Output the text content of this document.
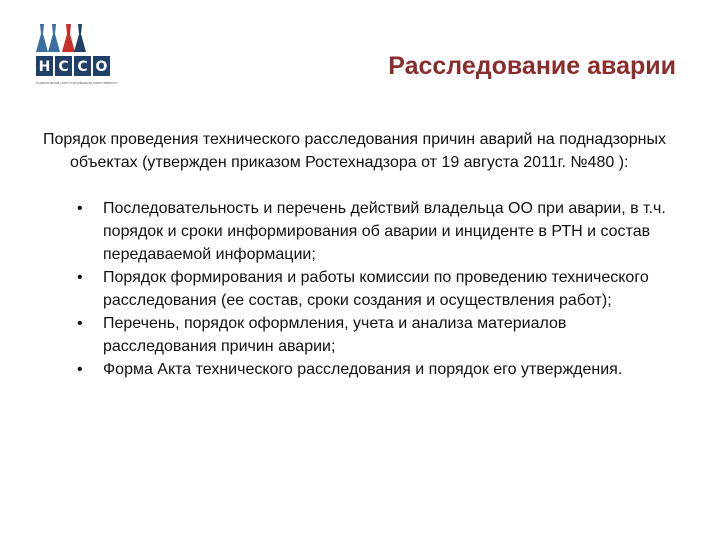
Н С С О
НАЦИОНАЛЬНЫЙ СОЮЗ СТРАХОВЩИКОВ ОТВЕТСТВЕННОСТИ
Расследование аварии

Порядок проведения технического расследования причин аварий на поднадзорных объектах (утвержден приказом Ростехнадзора от 19 августа 2011г. №480 ):

• Последовательность и перечень действий владельца ОО при аварии, в т.ч. порядок и сроки информирования об аварии и инциденте в РТН и состав передаваемой информации;
• Порядок формирования и работы комиссии по проведению технического расследования (ее состав, сроки создания и осуществления работ);
• Перечень, порядок оформления, учета и анализа материалов расследования причин аварии;
• Форма Акта технического расследования и порядок его утверждения.
